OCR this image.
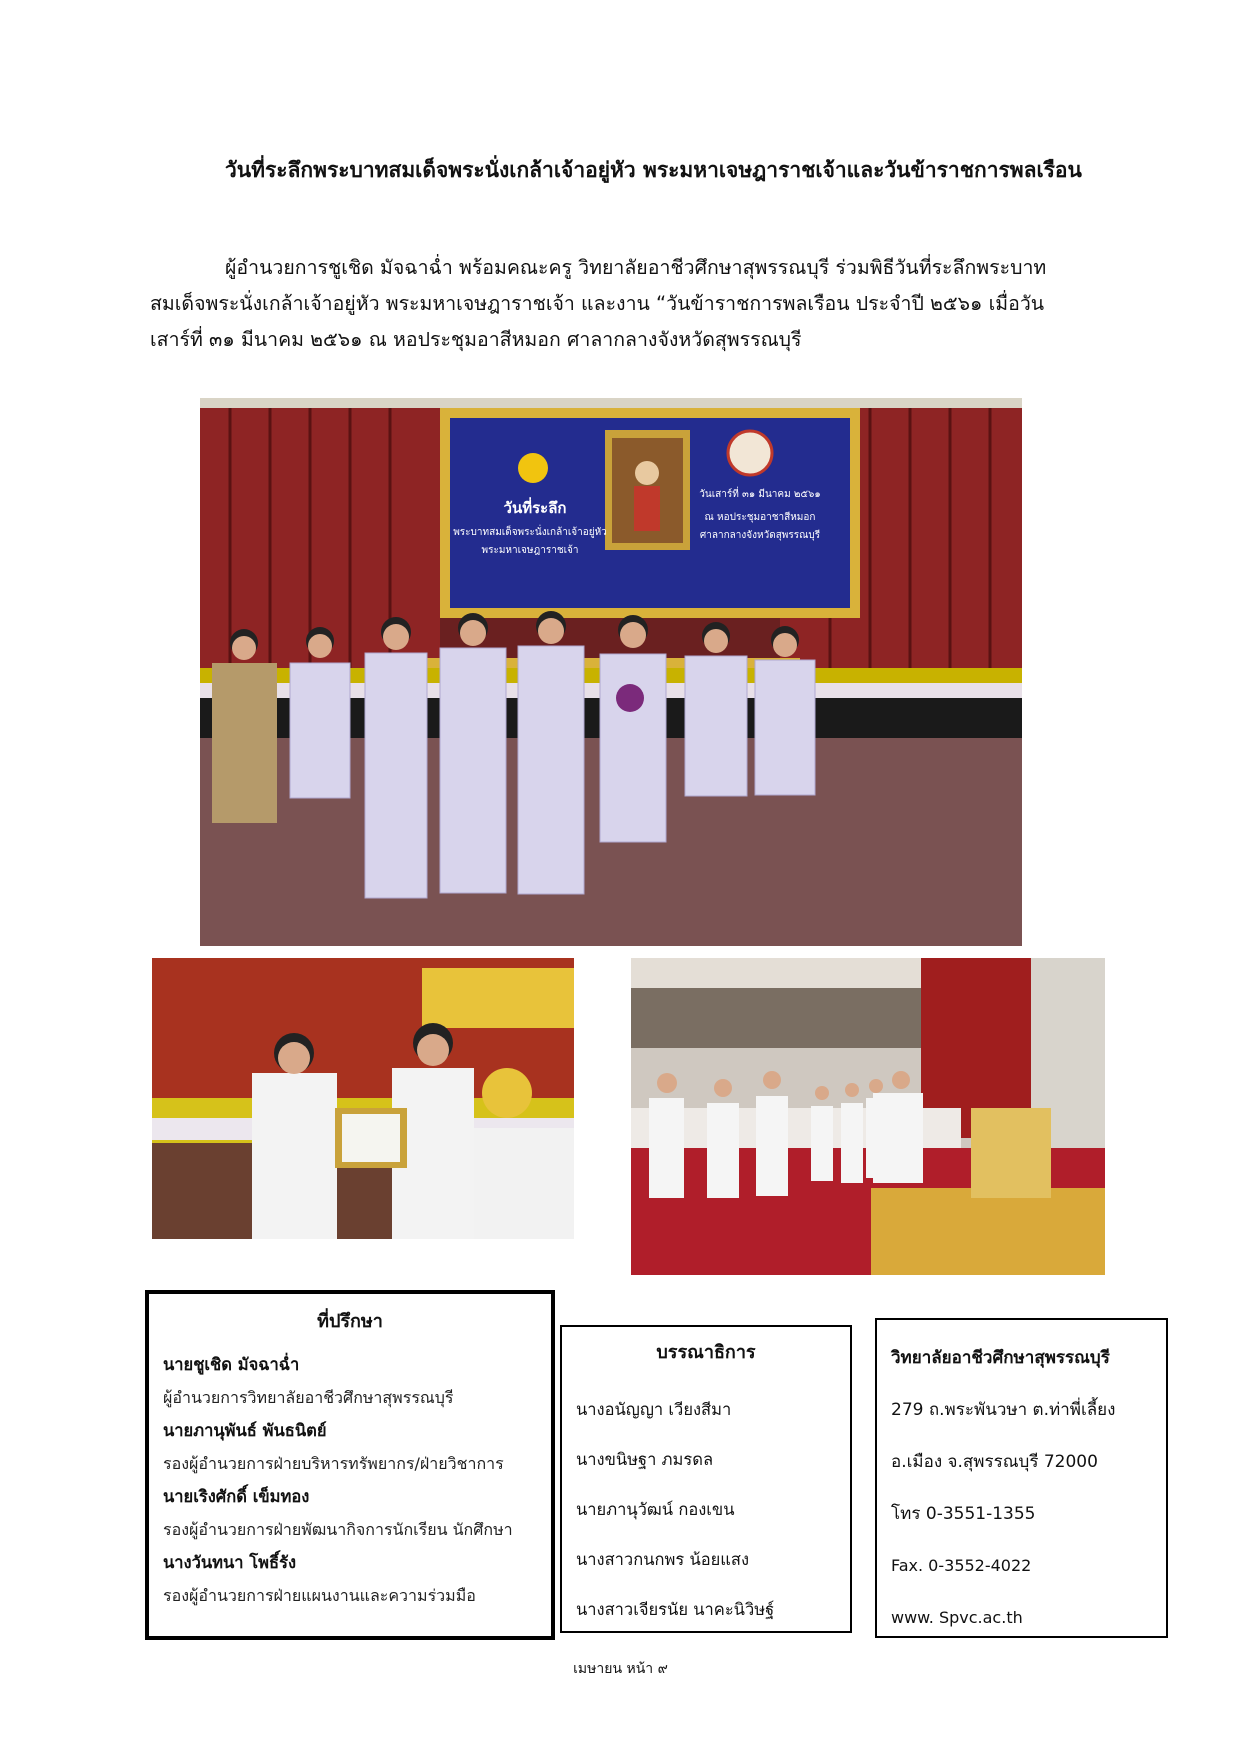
วันที่ระลึกพระบาทสมเด็จพระนั่งเกล้าเจ้าอยู่หัว พระมหาเจษฎาราชเจ้าและวันข้าราชการพลเรือน

ผู้อำนวยการชูเชิด มัจฉาฉ่ำ พร้อมคณะครู วิทยาลัยอาชีวศึกษาสุพรรณบุรี ร่วมพิธีวันที่ระลึกพระบาทสมเด็จพระนั่งเกล้าเจ้าอยู่หัว พระมหาเจษฎาราชเจ้า และงาน “วันข้าราชการพลเรือน ประจำปี ๒๕๖๑ เมื่อวันเสาร์ที่ ๓๑ มีนาคม ๒๕๖๑ ณ หอประชุมอาสีหมอก ศาลากลางจังหวัดสุพรรณบุรี

ที่ปรึกษา
นายชูเชิด มัจฉาฉ่ำ
ผู้อำนวยการวิทยาลัยอาชีวศึกษาสุพรรณบุรี
นายภานุพันธ์ พันธนิตย์
รองผู้อำนวยการฝ่ายบริหารทรัพยากร/ฝ่ายวิชาการ
นายเริงศักดิ์ เข็มทอง
รองผู้อำนวยการฝ่ายพัฒนากิจการนักเรียน นักศึกษา
นางวันทนา โพธิ์รัง
รองผู้อำนวยการฝ่ายแผนงานและความร่วมมือ
บรรณาธิการ
นางอนัญญา เวียงสีมา
นางขนิษฐา ภมรดล
นายภานุวัฒน์ กองเขน
นางสาวกนกพร น้อยแสง
นางสาวเจียรนัย นาคะนิวิษฐ์
วิทยาลัยอาชีวศึกษาสุพรรณบุรี
279 ถ.พระพันวษา ต.ท่าพี่เลี้ยง
อ.เมือง จ.สุพรรณบุรี 72000
โทร 0-3551-1355
Fax. 0-3552-4022
www. Spvc.ac.th
เมษายน หน้า ๙
วันที่ระลึก
พระบาทสมเด็จพระนั่งเกล้าเจ้าอยู่หัว
พระมหาเจษฎาราชเจ้า
วันเสาร์ที่ ๓๑ มีนาคม ๒๕๖๑
ณ หอประชุมอาชาสีหมอก
ศาลากลางจังหวัดสุพรรณบุรี
